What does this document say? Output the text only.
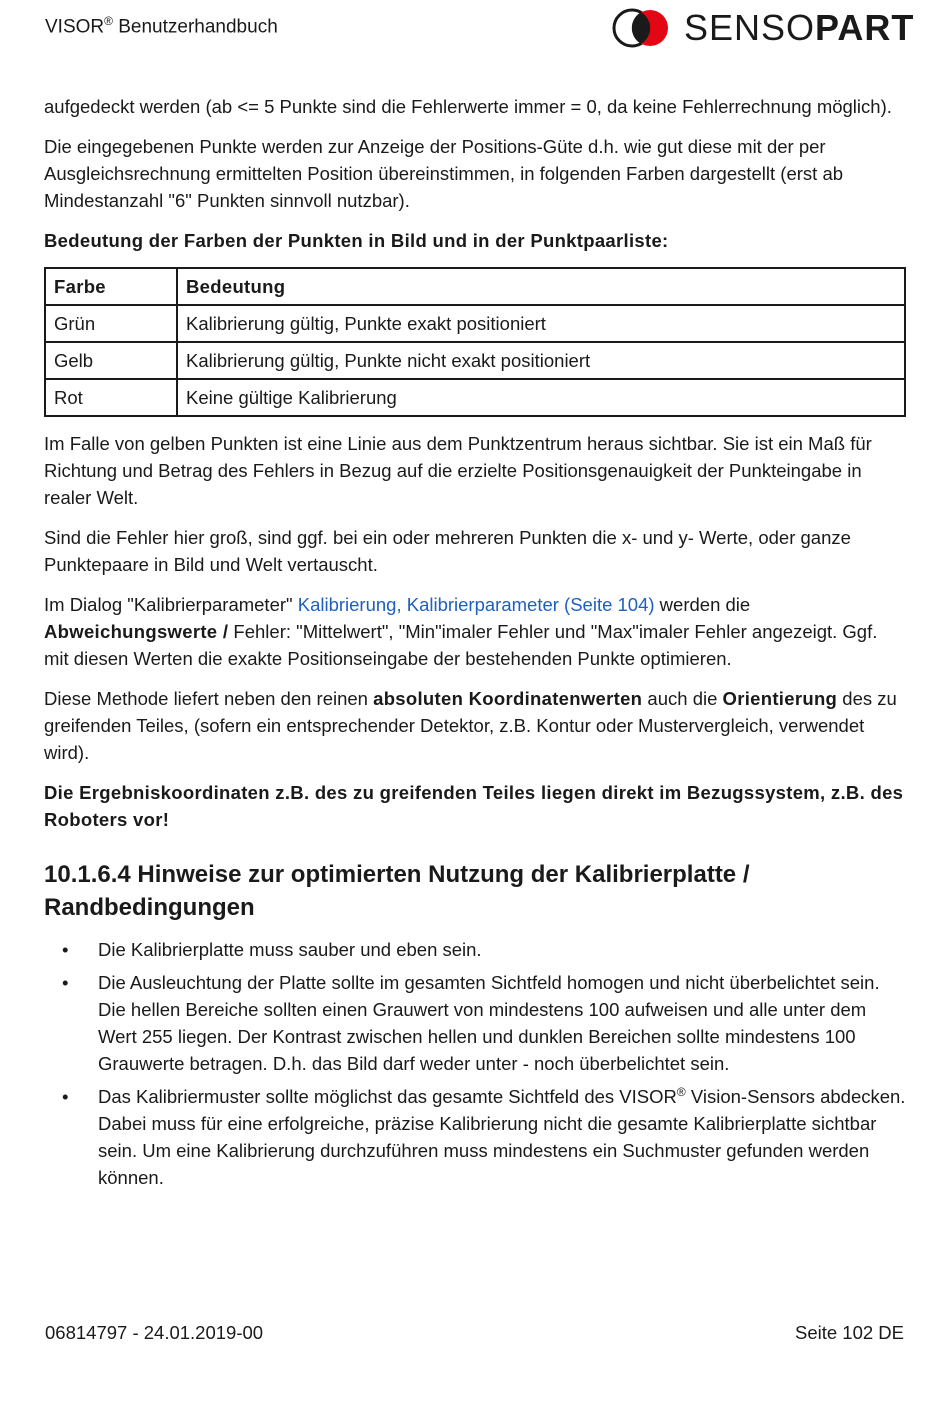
VISOR® Benutzerhandbuch	SENSOPART

aufgedeckt werden (ab <= 5 Punkte sind die Fehlerwerte immer = 0, da keine Fehlerrechnung möglich).

Die eingegebenen Punkte werden zur Anzeige der Positions-Güte d.h. wie gut diese mit der per Ausgleichsrechnung ermittelten Position übereinstimmen, in folgenden Farben dargestellt (erst ab Mindestanzahl "6" Punkten sinnvoll nutzbar).

Bedeutung der Farben der Punkten in Bild und in der Punktpaarliste:

Farbe	Bedeutung
Grün	Kalibrierung gültig, Punkte exakt positioniert
Gelb	Kalibrierung gültig, Punkte nicht exakt positioniert
Rot	Keine gültige Kalibrierung

Im Falle von gelben Punkten ist eine Linie aus dem Punktzentrum heraus sichtbar. Sie ist ein Maß für Richtung und Betrag des Fehlers in Bezug auf die erzielte Positionsgenauigkeit der Punkteingabe in realer Welt.

Sind die Fehler hier groß, sind ggf. bei ein oder mehreren Punkten die x- und y- Werte, oder ganze Punktepaare in Bild und Welt vertauscht.

Im Dialog "Kalibrierparameter" Kalibrierung, Kalibrierparameter (Seite 104) werden die Abweichungswerte / Fehler: "Mittelwert", "Min"imaler Fehler und "Max"imaler Fehler angezeigt. Ggf. mit diesen Werten die exakte Positionseingabe der bestehenden Punkte optimieren.

Diese Methode liefert neben den reinen absoluten Koordinatenwerten auch die Orientierung des zu greifenden Teiles, (sofern ein entsprechender Detektor, z.B. Kontur oder Mustervergleich, verwendet wird).

Die Ergebniskoordinaten z.B. des zu greifenden Teiles liegen direkt im Bezugssystem, z.B. des Roboters vor!

10.1.6.4 Hinweise zur optimierten Nutzung der Kalibrierplatte / Randbedingungen
• Die Kalibrierplatte muss sauber und eben sein.
• Die Ausleuchtung der Platte sollte im gesamten Sichtfeld homogen und nicht überbelichtet sein. Die hellen Bereiche sollten einen Grauwert von mindestens 100 aufweisen und alle unter dem Wert 255 liegen. Der Kontrast zwischen hellen und dunklen Bereichen sollte mindestens 100 Grauwerte betragen. D.h. das Bild darf weder unter - noch überbelichtet sein.
• Das Kalibriermuster sollte möglichst das gesamte Sichtfeld des VISOR® Vision-Sensors abdecken. Dabei muss für eine erfolgreiche, präzise Kalibrierung nicht die gesamte Kalibrierplatte sichtbar sein. Um eine Kalibrierung durchzuführen muss mindestens ein Suchmuster gefunden werden können.
06814797 - 24.01.2019-00	Seite 102 DE
